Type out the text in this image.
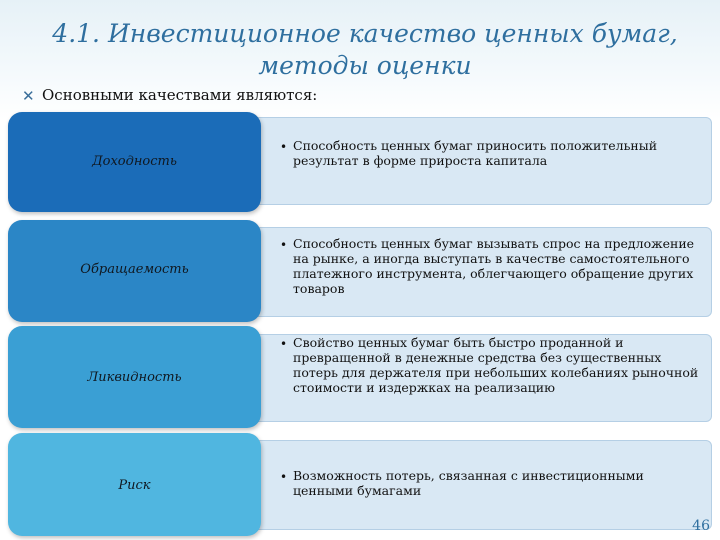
4.1. Инвестиционное качество ценных бумаг,
методы оценки
✕ Основными качествами являются:
Доходность
• Способность ценных бумаг приносить положительный результат в форме прироста капитала
Обращаемость
• Способность ценных бумаг вызывать спрос на предложение на рынке, а иногда выступать в качестве самостоятельного платежного инструмента, облегчающего обращение других товаров
Ликвидность
• Свойство ценных бумаг быть быстро проданной и превращенной в денежные средства без существенных потерь для держателя при небольших колебаниях рыночной стоимости и издержках на реализацию
Риск
• Возможность потерь, связанная с инвестиционными ценными бумагами
46
